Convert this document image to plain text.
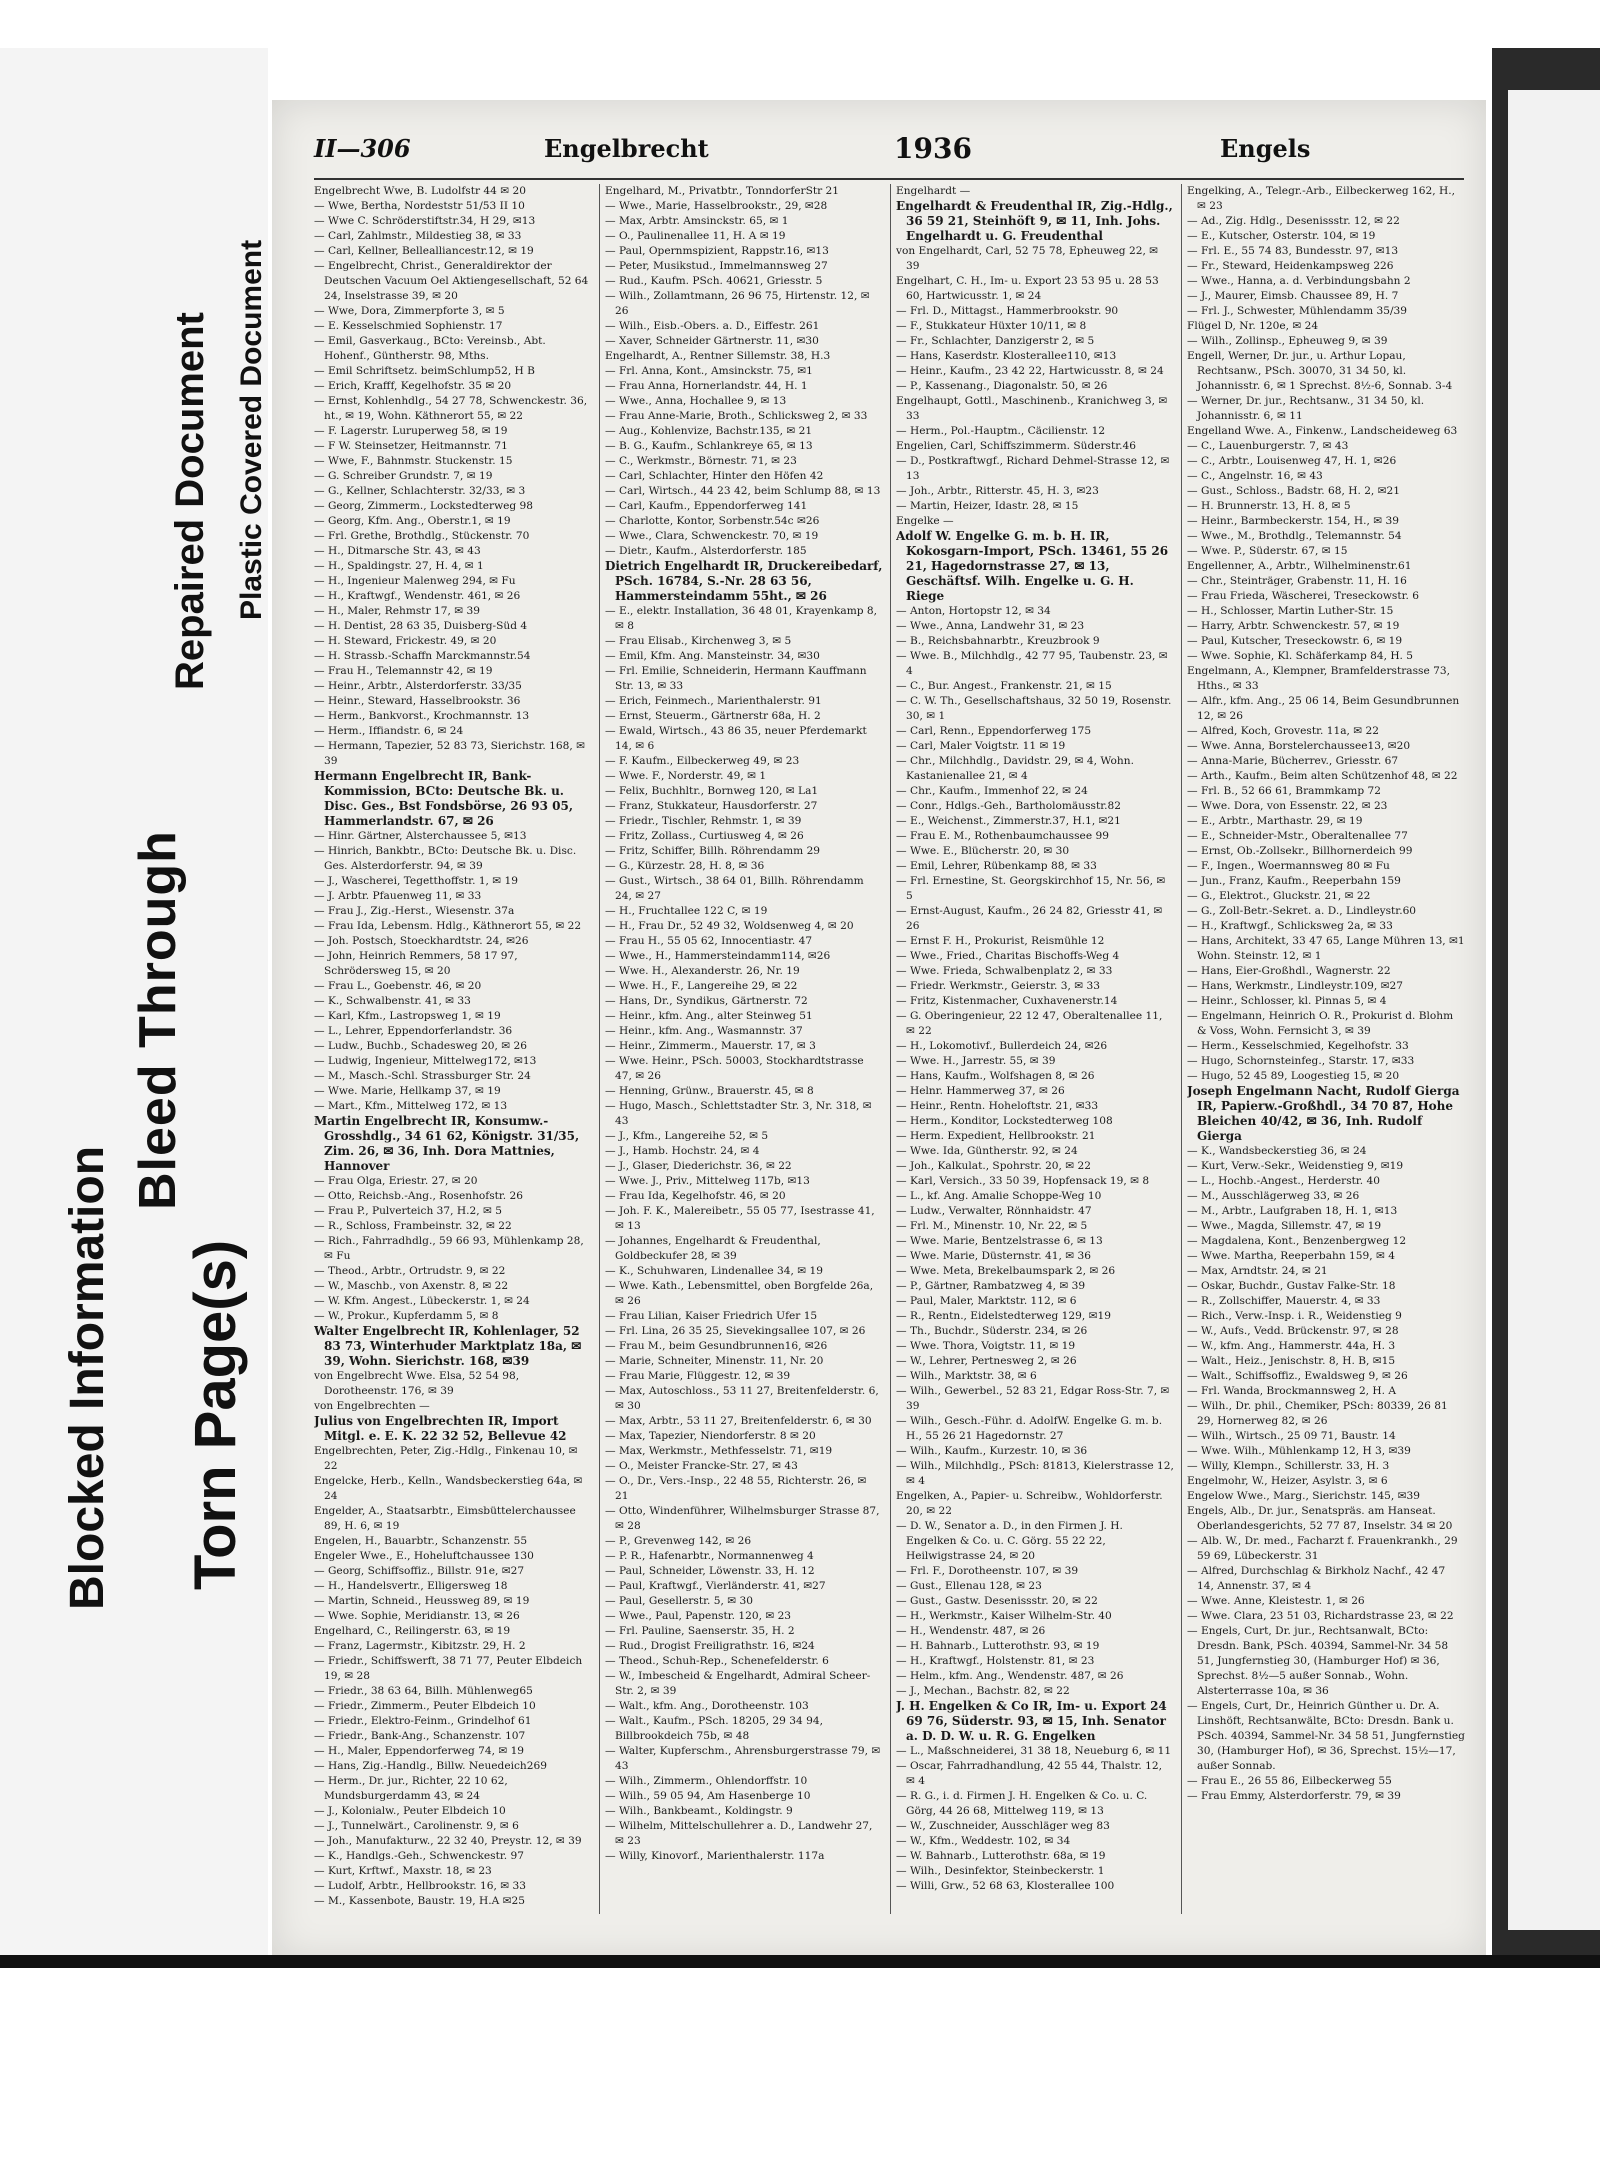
Blocked Information
Bleed Through
Repaired Document
Torn Page(s)
Plastic Covered Document
II—306	Engelbrecht	1936	Engels

Engelbrecht Wwe, B. Ludolfstr 44 ✉ 20

— Wwe, Bertha, Nordeststr 51/53 II 10

— Wwe C. Schröderstiftstr.34, H 29, ✉13

— Carl, Zahlmstr., Mildestieg 38, ✉ 33

— Carl, Kellner, Bellealliancestr.12, ✉ 19

— Engelbrecht, Christ., Generaldirektor der Deutschen Vacuum Oel Aktiengesellschaft, 52 64 24, Inselstrasse 39, ✉ 20

— Wwe, Dora, Zimmerpforte 3, ✉ 5

— E. Kesselschmied Sophienstr. 17

— Emil, Gasverkaug., BCto: Vereinsb., Abt. Hohenf., Güntherstr. 98, Mths.

— Emil Schriftsetz. beimSchlump52, H B

— Erich, Krafff, Kegelhofstr. 35 ✉ 20

— Ernst, Kohlenhdlg., 54 27 78, Schwenckestr. 36, ht., ✉ 19, Wohn. Käthnerort 55, ✉ 22

— F. Lagerstr. Luruperweg 58, ✉ 19

— F W. Steinsetzer, Heitmannstr. 71

— Wwe, F., Bahnmstr. Stuckenstr. 15

— G. Schreiber Grundstr. 7, ✉ 19

— G., Kellner, Schlachterstr. 32/33, ✉ 3

— Georg, Zimmerm., Lockstedterweg 98

— Georg, Kfm. Ang., Oberstr.1, ✉ 19

— Frl. Grethe, Brothdlg., Stückenstr. 70

— H., Ditmarsche Str. 43, ✉ 43

— H., Spaldingstr. 27, H. 4, ✉ 1

— H., Ingenieur Malenweg 294, ✉ Fu

— H., Kraftwgf., Wendenstr. 461, ✉ 26

— H., Maler, Rehmstr 17, ✉ 39

— H. Dentist, 28 63 35, Duisberg-Süd 4

— H. Steward, Frickestr. 49, ✉ 20

— H. Strassb.-Schaffn Marckmannstr.54

— Frau H., Telemannstr 42, ✉ 19

— Heinr., Arbtr., Alsterdorferstr. 33/35

— Heinr., Steward, Hasselbrookstr. 36

— Herm., Bankvorst., Krochmannstr. 13

— Herm., Iffiandstr. 6, ✉ 24

— Hermann, Tapezier, 52 83 73, Sierichstr. 168, ✉ 39

Hermann Engelbrecht IR, Bank-Kommission, BCto: Deutsche Bk. u. Disc. Ges., Bst Fondsbörse, 26 93 05, Hammerlandstr. 67, ✉ 26

— Hinr. Gärtner, Alsterchaussee 5, ✉13

— Hinrich, Bankbtr., BCto: Deutsche Bk. u. Disc. Ges. Alsterdorferstr. 94, ✉ 39

— J., Wascherei, Tegetthoffstr. 1, ✉ 19

— J. Arbtr. Pfauenweg 11, ✉ 33

— Frau J., Zig.-Herst., Wiesenstr. 37a

— Frau Ida, Lebensm. Hdlg., Käthnerort 55, ✉ 22

— Joh. Postsch, Stoeckhardtstr. 24, ✉26

— John, Heinrich Remmers, 58 17 97, Schrödersweg 15, ✉ 20

— Frau L., Goebenstr. 46, ✉ 20

— K., Schwalbenstr. 41, ✉ 33

— Karl, Kfm., Lastropsweg 1, ✉ 19

— L., Lehrer, Eppendorferlandstr. 36

— Ludw., Buchb., Schadesweg 20, ✉ 26

— Ludwig, Ingenieur, Mittelweg172, ✉13

— M., Masch.-Schl. Strassburger Str. 24

— Wwe. Marie, Hellkamp 37, ✉ 19

— Mart., Kfm., Mittelweg 172, ✉ 13

Martin Engelbrecht IR, Konsumw.-Grosshdlg., 34 61 62, Königstr. 31/35, Zim. 26, ✉ 36, Inh. Dora Mattnies, Hannover

— Frau Olga, Eriestr. 27, ✉ 20

— Otto, Reichsb.-Ang., Rosenhofstr. 26

— Frau P., Pulverteich 37, H.2, ✉ 5

— R., Schloss, Frambeinstr. 32, ✉ 22

— Rich., Fahrradhdlg., 59 66 93, Mühlenkamp 28, ✉ Fu

— Theod., Arbtr., Ortrudstr. 9, ✉ 22

— W., Maschb., von Axenstr. 8, ✉ 22

— W. Kfm. Angest., Lübeckerstr. 1, ✉ 24

— W., Prokur., Kupferdamm 5, ✉ 8

Walter Engelbrecht IR, Kohlenlager, 52 83 73, Winterhuder Marktplatz 18a, ✉ 39, Wohn. Sierichstr. 168, ✉39

von Engelbrecht Wwe. Elsa, 52 54 98, Dorotheenstr. 176, ✉ 39

von Engelbrechten —

Julius von Engelbrechten IR, Import Mitgl. e. E. K. 22 32 52, Bellevue 42

Engelbrechten, Peter, Zig.-Hdlg., Finkenau 10, ✉ 22

Engelcke, Herb., Kelln., Wandsbeckerstieg 64a, ✉ 24

Engelder, A., Staatsarbtr., Eimsbüttelerchaussee 89, H. 6, ✉ 19

Engelen, H., Bauarbtr., Schanzenstr. 55

Engeler Wwe., E., Hoheluftchaussee 130

— Georg, Schiffsoffiz., Billstr. 91e, ✉27

— H., Handelsvertr., Elligersweg 18

— Martin, Schneid., Heussweg 89, ✉ 19

— Wwe. Sophie, Meridianstr. 13, ✉ 26

Engelhard, C., Reilingerstr. 63, ✉ 19

— Franz, Lagermstr., Kibitzstr. 29, H. 2

— Friedr., Schiffswerft, 38 71 77, Peuter Elbdeich 19, ✉ 28

— Friedr., 38 63 64, Billh. Mühlenweg65

— Friedr., Zimmerm., Peuter Elbdeich 10

— Friedr., Elektro-Feinm., Grindelhof 61

— Friedr., Bank-Ang., Schanzenstr. 107

— H., Maler, Eppendorferweg 74, ✉ 19

— Hans, Zig.-Handlg., Billw. Neuedeich269

— Herm., Dr. jur., Richter, 22 10 62, Mundsburgerdamm 43, ✉ 24

— J., Kolonialw., Peuter Elbdeich 10

— J., Tunnelwärt., Carolinenstr. 9, ✉ 6

— Joh., Manufakturw., 22 32 40, Preystr. 12, ✉ 39

— K., Handlgs.-Geh., Schwenckestr. 97

— Kurt, Krftwf., Maxstr. 18, ✉ 23

— Ludolf, Arbtr., Hellbrookstr. 16, ✉ 33

— M., Kassenbote, Baustr. 19, H.A ✉25

Engelhard, M., Privatbtr., TonndorferStr 21

— Wwe., Marie, Hasselbrookstr., 29, ✉28

— Max, Arbtr. Amsinckstr. 65, ✉ 1

— O., Paulinenallee 11, H. A ✉ 19

— Paul, Opernmspizient, Rappstr.16, ✉13

— Peter, Musikstud., Immelmannsweg 27

— Rud., Kaufm. PSch. 40621, Griesstr. 5

— Wilh., Zollamtmann, 26 96 75, Hirtenstr. 12, ✉ 26

— Wilh., Eisb.-Obers. a. D., Eiffestr. 261

— Xaver, Schneider Gärtnerstr. 11, ✉30

Engelhardt, A., Rentner Sillemstr. 38, H.3

— Frl. Anna, Kont., Amsinckstr. 75, ✉1

— Frau Anna, Hornerlandstr. 44, H. 1

— Wwe., Anna, Hochallee 9, ✉ 13

— Frau Anne-Marie, Broth., Schlicksweg 2, ✉ 33

— Aug., Kohlenvize, Bachstr.135, ✉ 21

— B. G., Kaufm., Schlankreye 65, ✉ 13

— C., Werkmstr., Börnestr. 71, ✉ 23

— Carl, Schlachter, Hinter den Höfen 42

— Carl, Wirtsch., 44 23 42, beim Schlump 88, ✉ 13

— Carl, Kaufm., Eppendorferweg 141

— Charlotte, Kontor, Sorbenstr.54c ✉26

— Wwe., Clara, Schwenckestr. 70, ✉ 19

— Dietr., Kaufm., Alsterdorferstr. 185

Dietrich Engelhardt IR, Druckereibedarf, PSch. 16784, S.-Nr. 28 63 56, Hammersteindamm 55ht., ✉ 26

— E., elektr. Installation, 36 48 01, Krayenkamp 8, ✉ 8

— Frau Elisab., Kirchenweg 3, ✉ 5

— Emil, Kfm. Ang. Mansteinstr. 34, ✉30

— Frl. Emilie, Schneiderin, Hermann Kauffmann Str. 13, ✉ 33

— Erich, Feinmech., Marienthalerstr. 91

— Ernst, Steuerm., Gärtnerstr 68a, H. 2

— Ewald, Wirtsch., 43 86 35, neuer Pferdemarkt 14, ✉ 6

— F. Kaufm., Eilbeckerweg 49, ✉ 23

— Wwe. F., Norderstr. 49, ✉ 1

— Felix, Buchhltr., Bornweg 120, ✉ La1

— Franz, Stukkateur, Hausdorferstr. 27

— Friedr., Tischler, Rehmstr. 1, ✉ 39

— Fritz, Zollass., Curtiusweg 4, ✉ 26

— Fritz, Schiffer, Billh. Röhrendamm 29

— G., Kürzestr. 28, H. 8, ✉ 36

— Gust., Wirtsch., 38 64 01, Billh. Röhrendamm 24, ✉ 27

— H., Fruchtallee 122 C, ✉ 19

— H., Frau Dr., 52 49 32, Woldsenweg 4, ✉ 20

— Frau H., 55 05 62, Innocentiastr. 47

— Wwe., H., Hammersteindamm114, ✉26

— Wwe. H., Alexanderstr. 26, Nr. 19

— Wwe. H., F., Langereihe 29, ✉ 22

— Hans, Dr., Syndikus, Gärtnerstr. 72

— Heinr., kfm. Ang., alter Steinweg 51

— Heinr., kfm. Ang., Wasmannstr. 37

— Heinr., Zimmerm., Mauerstr. 17, ✉ 3

— Wwe. Heinr., PSch. 50003, Stockhardtstrasse 47, ✉ 26

— Henning, Grünw., Brauerstr. 45, ✉ 8

— Hugo, Masch., Schlettstadter Str. 3, Nr. 318, ✉ 43

— J., Kfm., Langereihe 52, ✉ 5

— J., Hamb. Hochstr. 24, ✉ 4

— J., Glaser, Diederichstr. 36, ✉ 22

— Wwe. J., Priv., Mittelweg 117b, ✉13

— Frau Ida, Kegelhofstr. 46, ✉ 20

— Joh. F. K., Malereibetr., 55 05 77, Isestrasse 41, ✉ 13

— Johannes, Engelhardt & Freudenthal, Goldbeckufer 28, ✉ 39

— K., Schuhwaren, Lindenallee 34, ✉ 19

— Wwe. Kath., Lebensmittel, oben Borgfelde 26a, ✉ 26

— Frau Lilian, Kaiser Friedrich Ufer 15

— Frl. Lina, 26 35 25, Sievekingsallee 107, ✉ 26

— Frau M., beim Gesundbrunnen16, ✉26

— Marie, Schneiter, Minenstr. 11, Nr. 20

— Frau Marie, Flüggestr. 12, ✉ 39

— Max, Autoschloss., 53 11 27, Breitenfelderstr. 6, ✉ 30

— Max, Arbtr., 53 11 27, Breitenfelderstr. 6, ✉ 30

— Max, Tapezier, Niendorferstr. 8 ✉ 20

— Max, Werkmstr., Methfesselstr. 71, ✉19

— O., Meister Francke-Str. 27, ✉ 43

— O., Dr., Vers.-Insp., 22 48 55, Richterstr. 26, ✉ 21

— Otto, Windenführer, Wilhelmsburger Strasse 87, ✉ 28

— P., Grevenweg 142, ✉ 26

— P. R., Hafenarbtr., Normannenweg 4

— Paul, Schneider, Löwenstr. 33, H. 12

— Paul, Kraftwgf., Vierländerstr. 41, ✉27

— Paul, Gesellerstr. 5, ✉ 30

— Wwe., Paul, Papenstr. 120, ✉ 23

— Frl. Pauline, Saenserstr. 35, H. 2

— Rud., Drogist Freiligrathstr. 16, ✉24

— Theod., Schuh-Rep., Schenefelderstr. 6

— W., Imbescheid & Engelhardt, Admiral Scheer-Str. 2, ✉ 39

— Walt., kfm. Ang., Dorotheenstr. 103

— Walt., Kaufm., PSch. 18205, 29 34 94, Billbrookdeich 75b, ✉ 48

— Walter, Kupferschm., Ahrensburgerstrasse 79, ✉ 43

— Wilh., Zimmerm., Ohlendorffstr. 10

— Wilh., 59 05 94, Am Hasenberge 10

— Wilh., Bankbeamt., Koldingstr. 9

— Wilhelm, Mittelschullehrer a. D., Landwehr 27, ✉ 23

— Willy, Kinovorf., Marienthalerstr. 117a

Engelhardt —

Engelhardt & Freudenthal IR, Zig.-Hdlg., 36 59 21, Steinhöft 9, ✉ 11, Inh. Johs. Engelhardt u. G. Freudenthal

von Engelhardt, Carl, 52 75 78, Epheuweg 22, ✉ 39

Engelhart, C. H., Im- u. Export 23 53 95 u. 28 53 60, Hartwicusstr. 1, ✉ 24

— Frl. D., Mittagst., Hammerbrookstr. 90

— F., Stukkateur Hüxter 10/11, ✉ 8

— Fr., Schlachter, Danzigerstr 2, ✉ 5

— Hans, Kaserdstr. Klosterallee110, ✉13

— Heinr., Kaufm., 23 42 22, Hartwicusstr. 8, ✉ 24

— P., Kassenang., Diagonalstr. 50, ✉ 26

Engelhaupt, Gottl., Maschinenb., Kranichweg 3, ✉ 33

— Herm., Pol.-Hauptm., Cäcilienstr. 12

Engelien, Carl, Schiffszimmerm. Süderstr.46

— D., Postkraftwgf., Richard Dehmel-Strasse 12, ✉ 13

— Joh., Arbtr., Ritterstr. 45, H. 3, ✉23

— Martin, Heizer, Idastr. 28, ✉ 15

Engelke —

Adolf W. Engelke G. m. b. H. IR, Kokosgarn-Import, PSch. 13461, 55 26 21, Hagedornstrasse 27, ✉ 13, Geschäftsf. Wilh. Engelke u. G. H. Riege

— Anton, Hortopstr 12, ✉ 34

— Wwe., Anna, Landwehr 31, ✉ 23

— B., Reichsbahnarbtr., Kreuzbrook 9

— Wwe. B., Milchhdlg., 42 77 95, Taubenstr. 23, ✉ 4

— C., Bur. Angest., Frankenstr. 21, ✉ 15

— C. W. Th., Gesellschaftshaus, 32 50 19, Rosenstr. 30, ✉ 1

— Carl, Renn., Eppendorferweg 175

— Carl, Maler Voigtstr. 11 ✉ 19

— Chr., Milchhdlg., Davidstr. 29, ✉ 4, Wohn. Kastanienallee 21, ✉ 4

— Chr., Kaufm., Immenhof 22, ✉ 24

— Conr., Hdlgs.-Geh., Bartholomäusstr.82

— E., Weichenst., Zimmerstr.37, H.1, ✉21

— Frau E. M., Rothenbaumchaussee 99

— Wwe. E., Blücherstr. 20, ✉ 30

— Emil, Lehrer, Rübenkamp 88, ✉ 33

— Frl. Ernestine, St. Georgskirchhof 15, Nr. 56, ✉ 5

— Ernst-August, Kaufm., 26 24 82, Griesstr 41, ✉ 26

— Ernst F. H., Prokurist, Reismühle 12

— Wwe., Fried., Charitas Bischoffs-Weg 4

— Wwe. Frieda, Schwalbenplatz 2, ✉ 33

— Friedr. Werkmstr., Geierstr. 3, ✉ 33

— Fritz, Kistenmacher, Cuxhavenerstr.14

— G. Oberingenieur, 22 12 47, Oberaltenallee 11, ✉ 22

— H., Lokomotivf., Bullerdeich 24, ✉26

— Wwe. H., Jarrestr. 55, ✉ 39

— Hans, Kaufm., Wolfshagen 8, ✉ 26

— Helnr. Hammerweg 37, ✉ 26

— Heinr., Rentn. Hoheloftstr. 21, ✉33

— Herm., Konditor, Lockstedterweg 108

— Herm. Expedient, Hellbrookstr. 21

— Wwe. Ida, Güntherstr. 92, ✉ 24

— Joh., Kalkulat., Spohrstr. 20, ✉ 22

— Karl, Versich., 33 50 39, Hopfensack 19, ✉ 8

— L., kf. Ang. Amalie Schoppe-Weg 10

— Ludw., Verwalter, Rönnhaidstr. 47

— Frl. M., Minenstr. 10, Nr. 22, ✉ 5

— Wwe. Marie, Bentzelstrasse 6, ✉ 13

— Wwe. Marie, Düsternstr. 41, ✉ 36

— Wwe. Meta, Brekelbaumspark 2, ✉ 26

— P., Gärtner, Rambatzweg 4, ✉ 39

— Paul, Maler, Marktstr. 112, ✉ 6

— R., Rentn., Eidelstedterweg 129, ✉19

— Th., Buchdr., Süderstr. 234, ✉ 26

— Wwe. Thora, Voigtstr. 11, ✉ 19

— W., Lehrer, Pertnesweg 2, ✉ 26

— Wilh., Marktstr. 38, ✉ 6

— Wilh., Gewerbel., 52 83 21, Edgar Ross-Str. 7, ✉ 39

— Wilh., Gesch.-Führ. d. AdolfW. Engelke G. m. b. H., 55 26 21 Hagedornstr. 27

— Wilh., Kaufm., Kurzestr. 10, ✉ 36

— Wilh., Milchhdlg., PSch: 81813, Kielerstrasse 12, ✉ 4

Engelken, A., Papier- u. Schreibw., Wohldorferstr. 20, ✉ 22

— D. W., Senator a. D., in den Firmen J. H. Engelken & Co. u. C. Görg. 55 22 22, Heilwigstrasse 24, ✉ 20

— Frl. F., Dorotheenstr. 107, ✉ 39

— Gust., Ellenau 128, ✉ 23

— Gust., Gastw. Desenissstr. 20, ✉ 22

— H., Werkmstr., Kaiser Wilhelm-Str. 40

— H., Wendenstr. 487, ✉ 26

— H. Bahnarb., Lutterothstr. 93, ✉ 19

— H., Kraftwgf., Holstenstr. 81, ✉ 23

— Helm., kfm. Ang., Wendenstr. 487, ✉ 26

— J., Mechan., Bachstr. 82, ✉ 22

J. H. Engelken & Co IR, Im- u. Export 24 69 76, Süderstr. 93, ✉ 15, Inh. Senator a. D. D. W. u. R. G. Engelken

— L., Maßschneiderei, 31 38 18, Neueburg 6, ✉ 11

— Oscar, Fahrradhandlung, 42 55 44, Thalstr. 12, ✉ 4

— R. G., i. d. Firmen J. H. Engelken & Co. u. C. Görg, 44 26 68, Mittelweg 119, ✉ 13

— W., Zuschneider, Ausschläger weg 83

— W., Kfm., Weddestr. 102, ✉ 34

— W. Bahnarb., Lutterothstr. 68a, ✉ 19

— Wilh., Desinfektor, Steinbeckerstr. 1

— Willi, Grw., 52 68 63, Klosterallee 100

Engelking, A., Telegr.-Arb., Eilbeckerweg 162, H., ✉ 23

— Ad., Zig. Hdlg., Desenissstr. 12, ✉ 22

— E., Kutscher, Osterstr. 104, ✉ 19

— Frl. E., 55 74 83, Bundesstr. 97, ✉13

— Fr., Steward, Heidenkampsweg 226

— Wwe., Hanna, a. d. Verbindungsbahn 2

— J., Maurer, Eimsb. Chaussee 89, H. 7

— Frl. J., Schwester, Mühlendamm 35/39

Flügel D, Nr. 120e, ✉ 24

— Wilh., Zollinsp., Epheuweg 9, ✉ 39

Engell, Werner, Dr. jur., u. Arthur Lopau, Rechtsanw., PSch. 30070, 31 34 50, kl. Johannisstr. 6, ✉ 1 Sprechst. 8½-6, Sonnab. 3-4

— Werner, Dr. jur., Rechtsanw., 31 34 50, kl. Johannisstr. 6, ✉ 11

Engelland Wwe. A., Finkenw., Landscheideweg 63

— C., Lauenburgerstr. 7, ✉ 43

— C., Arbtr., Louisenweg 47, H. 1, ✉26

— C., Angelnstr. 16, ✉ 43

— Gust., Schloss., Badstr. 68, H. 2, ✉21

— H. Brunnerstr. 13, H. 8, ✉ 5

— Heinr., Barmbeckerstr. 154, H., ✉ 39

— Wwe., M., Brothdlg., Telemannstr. 54

— Wwe. P., Süderstr. 67, ✉ 15

Engellenner, A., Arbtr., Wilhelminenstr.61

— Chr., Steinträger, Grabenstr. 11, H. 16

— Frau Frieda, Wäscherei, Treseckowstr. 6

— H., Schlosser, Martin Luther-Str. 15

— Harry, Arbtr. Schwenckestr. 57, ✉ 19

— Paul, Kutscher, Treseckowstr. 6, ✉ 19

— Wwe. Sophie, Kl. Schäferkamp 84, H. 5

Engelmann, A., Klempner, Bramfelderstrasse 73, Hths., ✉ 33

— Alfr., kfm. Ang., 25 06 14, Beim Gesundbrunnen 12, ✉ 26

— Alfred, Koch, Grovestr. 11a, ✉ 22

— Wwe. Anna, Borstelerchaussee13, ✉20

— Anna-Marie, Bücherrev., Griesstr. 67

— Arth., Kaufm., Beim alten Schützenhof 48, ✉ 22

— Frl. B., 52 66 61, Brammkamp 72

— Wwe. Dora, von Essenstr. 22, ✉ 23

— E., Arbtr., Marthastr. 29, ✉ 19

— E., Schneider-Mstr., Oberaltenallee 77

— Ernst, Ob.-Zollsekr., Billhornerdeich 99

— F., Ingen., Woermannsweg 80 ✉ Fu

— Jun., Franz, Kaufm., Reeperbahn 159

— G., Elektrot., Gluckstr. 21, ✉ 22

— G., Zoll-Betr.-Sekret. a. D., Lindleystr.60

— H., Kraftwgf., Schlicksweg 2a, ✉ 33

— Hans, Architekt, 33 47 65, Lange Mühren 13, ✉1 Wohn. Steinstr. 12, ✉ 1

— Hans, Eier-Großhdl., Wagnerstr. 22

— Hans, Werkmstr., Lindleystr.109, ✉27

— Heinr., Schlosser, kl. Pinnas 5, ✉ 4

— Engelmann, Heinrich O. R., Prokurist d. Blohm & Voss, Wohn. Fernsicht 3, ✉ 39

— Herm., Kesselschmied, Kegelhofstr. 33

— Hugo, Schornsteinfeg., Starstr. 17, ✉33

— Hugo, 52 45 89, Loogestieg 15, ✉ 20

Joseph Engelmann Nacht, Rudolf Gierga IR, Papierw.-Großhdl., 34 70 87, Hohe Bleichen 40/42, ✉ 36, Inh. Rudolf Gierga

— K., Wandsbeckerstieg 36, ✉ 24

— Kurt, Verw.-Sekr., Weidenstieg 9, ✉19

— L., Hochb.-Angest., Herderstr. 40

— M., Ausschlägerweg 33, ✉ 26

— M., Arbtr., Laufgraben 18, H. 1, ✉13

— Wwe., Magda, Sillemstr. 47, ✉ 19

— Magdalena, Kont., Benzenbergweg 12

— Wwe. Martha, Reeperbahn 159, ✉ 4

— Max, Arndtstr. 24, ✉ 21

— Oskar, Buchdr., Gustav Falke-Str. 18

— R., Zollschiffer, Mauerstr. 4, ✉ 33

— Rich., Verw.-Insp. i. R., Weidenstieg 9

— W., Aufs., Vedd. Brückenstr. 97, ✉ 28

— W., kfm. Ang., Hammerstr. 44a, H. 3

— Walt., Heiz., Jenischstr. 8, H. B, ✉15

— Walt., Schiffsoffiz., Ewaldsweg 9, ✉ 26

— Frl. Wanda, Brockmannsweg 2, H. A

— Wilh., Dr. phil., Chemiker, PSch: 80339, 26 81 29, Hornerweg 82, ✉ 26

— Wilh., Wirtsch., 25 09 71, Baustr. 14

— Wwe. Wilh., Mühlenkamp 12, H 3, ✉39

— Willy, Klempn., Schillerstr. 33, H. 3

Engelmohr, W., Heizer, Asylstr. 3, ✉ 6

Engelow Wwe., Marg., Sierichstr. 145, ✉39

Engels, Alb., Dr. jur., Senatspräs. am Hanseat. Oberlandesgerichts, 52 77 87, Inselstr. 34 ✉ 20

— Alb. W., Dr. med., Facharzt f. Frauenkrankh., 29 59 69, Lübeckerstr. 31

— Alfred, Durchschlag & Birkholz Nachf., 42 47 14, Annenstr. 37, ✉ 4

— Wwe. Anne, Kleistestr. 1, ✉ 26

— Wwe. Clara, 23 51 03, Richardstrasse 23, ✉ 22

— Engels, Curt, Dr. jur., Rechtsanwalt, BCto: Dresdn. Bank, PSch. 40394, Sammel-Nr. 34 58 51, Jungfernstieg 30, (Hamburger Hof) ✉ 36, Sprechst. 8½—5 außer Sonnab., Wohn. Alsterterrasse 10a, ✉ 36

— Engels, Curt, Dr., Heinrich Günther u. Dr. A. Linshöft, Rechtsanwälte, BCto: Dresdn. Bank u. PSch. 40394, Sammel-Nr. 34 58 51, Jungfernstieg 30, (Hamburger Hof), ✉ 36, Sprechst. 15½—17, außer Sonnab.

— Frau E., 26 55 86, Eilbeckerweg 55

— Frau Emmy, Alsterdorferstr. 79, ✉ 39
